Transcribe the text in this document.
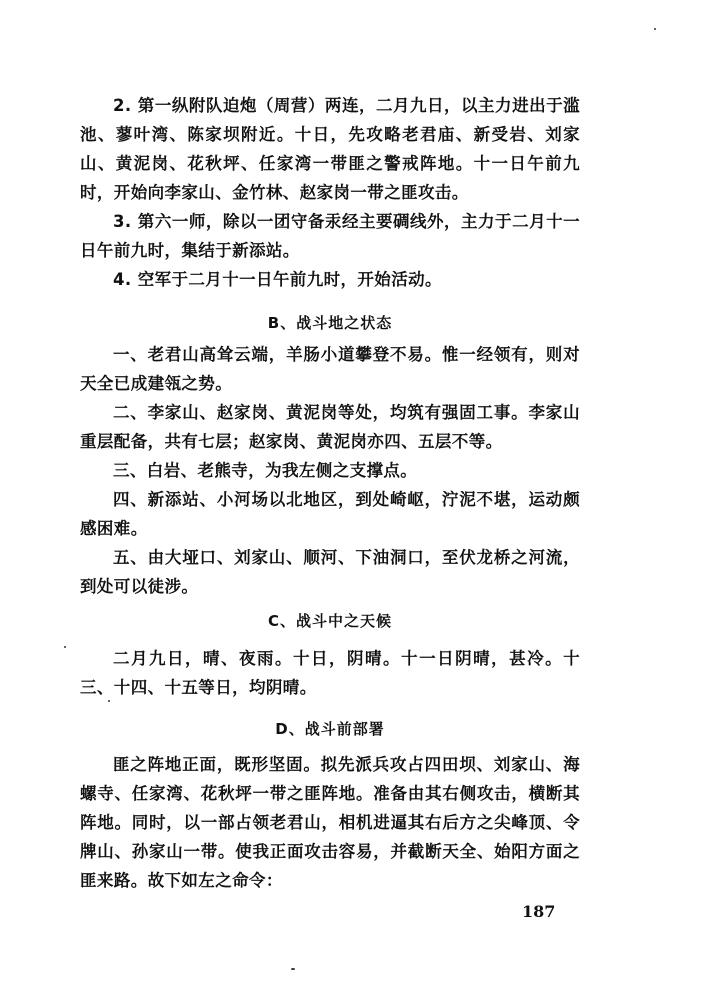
2. 第一纵附队迫炮（周营）两连，二月九日，以主力进出于滥池、蓼叶湾、陈家坝附近。十日，先攻略老君庙、新受岩、刘家山、黄泥岗、花秋坪、任家湾一带匪之警戒阵地。十一日午前九时，开始向李家山、金竹林、赵家岗一带之匪攻击。

3. 第六一师，除以一团守备汞经主要碉线外，主力于二月十一日午前九时，集结于新添站。

4. 空军于二月十一日午前九时，开始活动。

B、战斗地之状态

一、老君山高耸云端，羊肠小道攀登不易。惟一经领有，则对天全已成建瓴之势。

二、李家山、赵家岗、黄泥岗等处，均筑有强固工事。李家山重层配备，共有七层；赵家岗、黄泥岗亦四、五层不等。

三、白岩、老熊寺，为我左侧之支撑点。

四、新添站、小河场以北地区，到处崎岖，泞泥不堪，运动颇感困难。

五、由大垭口、刘家山、顺河、下油洞口，至伏龙桥之河流，到处可以徒涉。

C、战斗中之天候

二月九日，晴、夜雨。十日，阴晴。十一日阴晴，甚冷。十三、十四、十五等日，均阴晴。

D、战斗前部署

匪之阵地正面，既形坚固。拟先派兵攻占四田坝、刘家山、海螺寺、任家湾、花秋坪一带之匪阵地。准备由其右侧攻击，横断其阵地。同时，以一部占领老君山，相机进逼其右后方之尖峰顶、令牌山、孙家山一带。使我正面攻击容易，并截断天全、始阳方面之匪来路。故下如左之命令：

187
